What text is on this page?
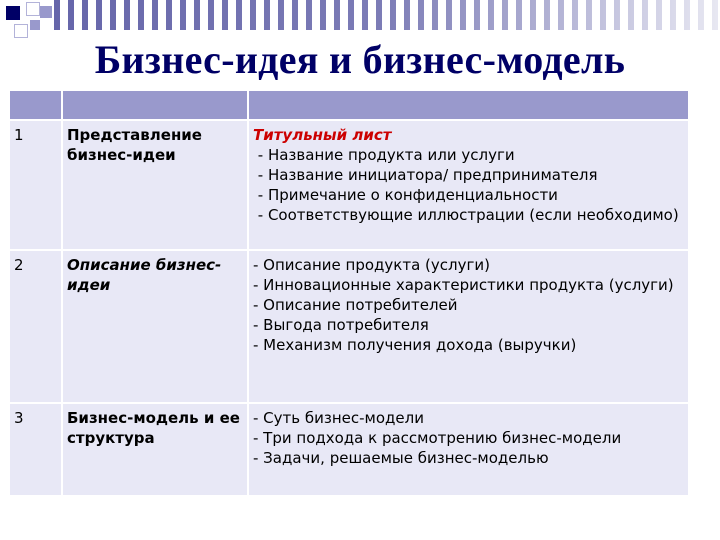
Бизнес-идея и бизнес-модель

1	Представление бизнес-идеи	Титульный лист
- Название продукта или услуги
- Название инициатора/ предпринимателя
- Примечание о конфиденциальности
- Соответствующие иллюстрации (если необходимо)

2	Описание бизнес-идеи	- Описание продукта (услуги)
- Инновационные характеристики продукта (услуги)
- Описание потребителей
- Выгода потребителя
- Механизм получения дохода (выручки)

3	Бизнес-модель и ее структура	- Суть бизнес-модели
- Три подхода к рассмотрению бизнес-модели
- Задачи, решаемые бизнес-моделью
